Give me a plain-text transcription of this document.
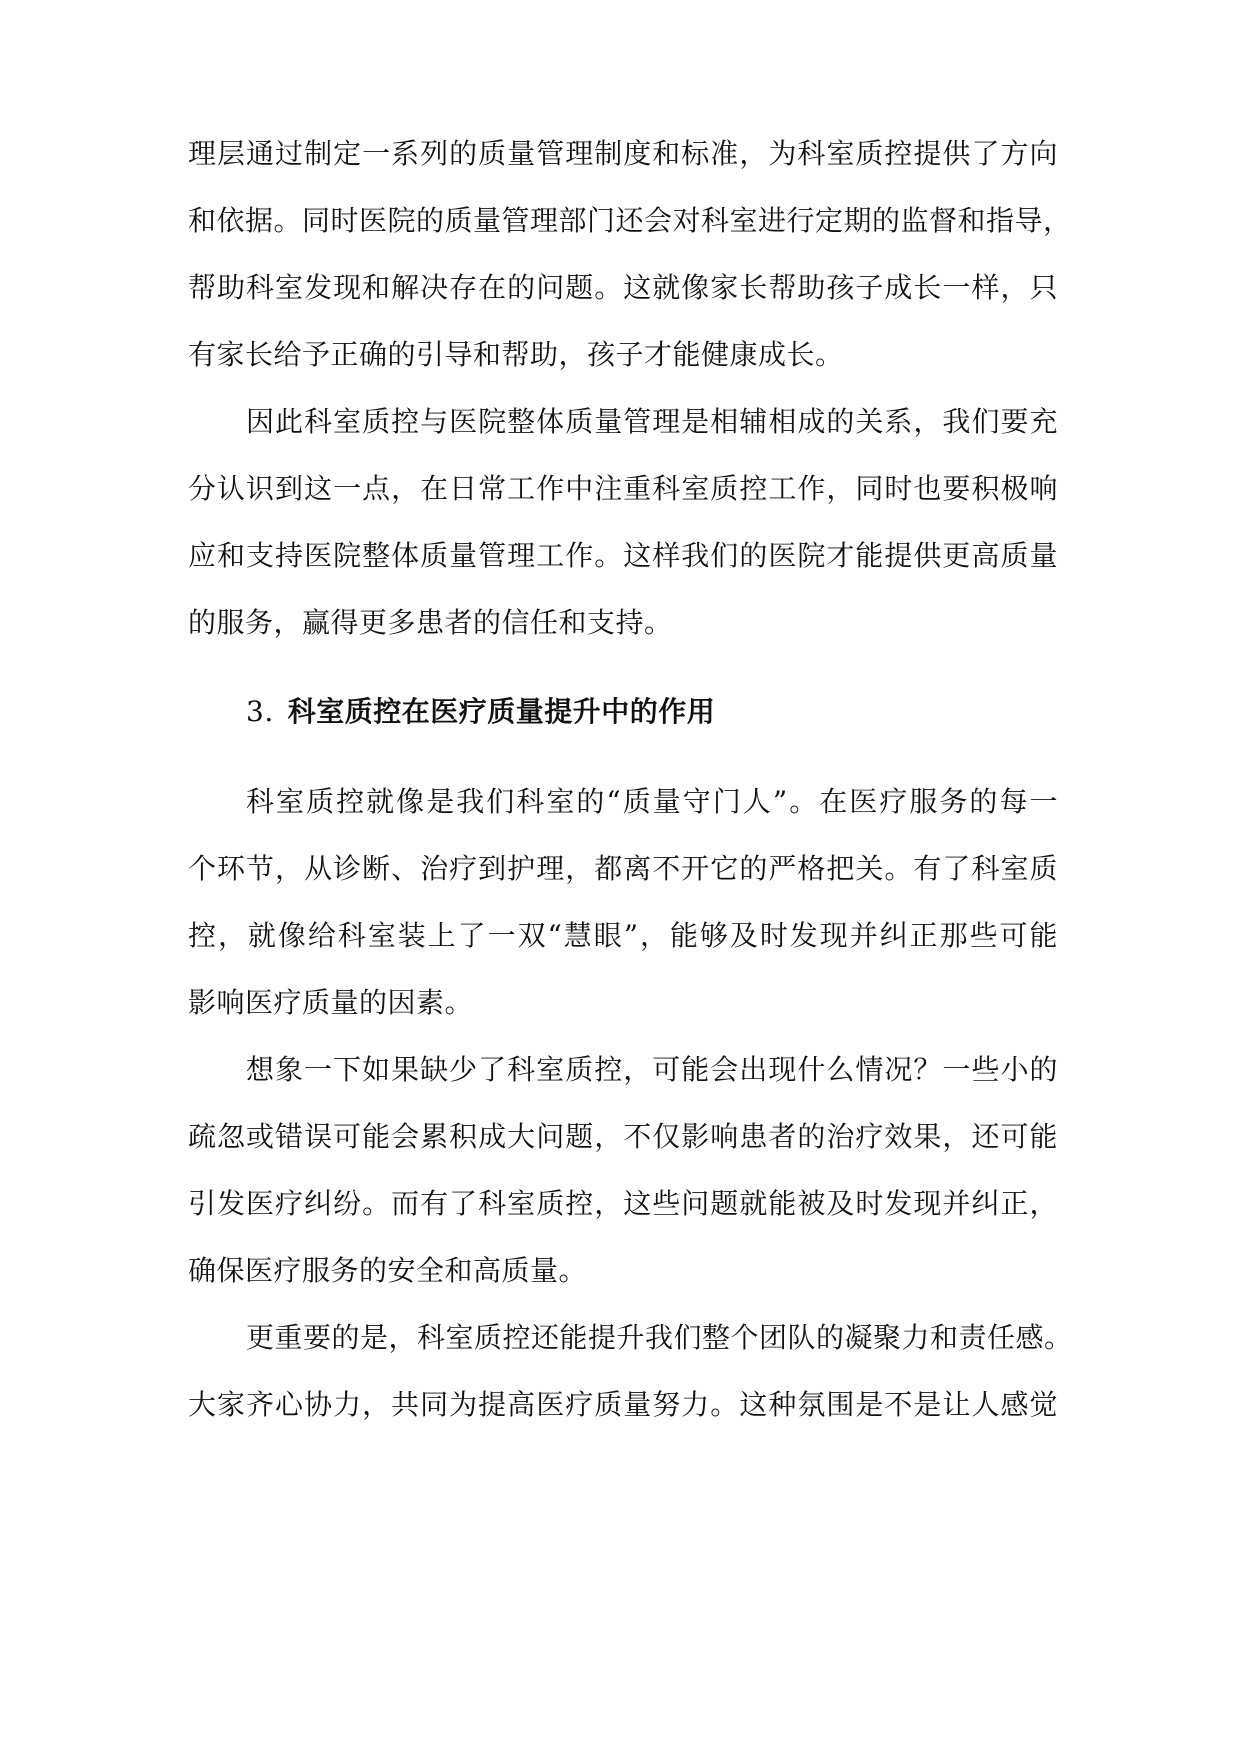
理层通过制定一系列的质量管理制度和标准，为科室质控提供了方向
和依据。同时医院的质量管理部门还会对科室进行定期的监督和指导，
帮助科室发现和解决存在的问题。这就像家长帮助孩子成长一样，只
有家长给予正确的引导和帮助，孩子才能健康成长。
因此科室质控与医院整体质量管理是相辅相成的关系，我们要充
分认识到这一点，在日常工作中注重科室质控工作，同时也要积极响
应和支持医院整体质量管理工作。这样我们的医院才能提供更高质量
的服务，赢得更多患者的信任和支持。
3. 科室质控在医疗质量提升中的作用
科室质控就像是我们科室的“质量守门人”。在医疗服务的每一
个环节，从诊断、治疗到护理，都离不开它的严格把关。有了科室质
控，就像给科室装上了一双“慧眼”，能够及时发现并纠正那些可能
影响医疗质量的因素。
想象一下如果缺少了科室质控，可能会出现什么情况？一些小的
疏忽或错误可能会累积成大问题，不仅影响患者的治疗效果，还可能
引发医疗纠纷。而有了科室质控，这些问题就能被及时发现并纠正，
确保医疗服务的安全和高质量。
更重要的是，科室质控还能提升我们整个团队的凝聚力和责任感。
大家齐心协力，共同为提高医疗质量努力。这种氛围是不是让人感觉
